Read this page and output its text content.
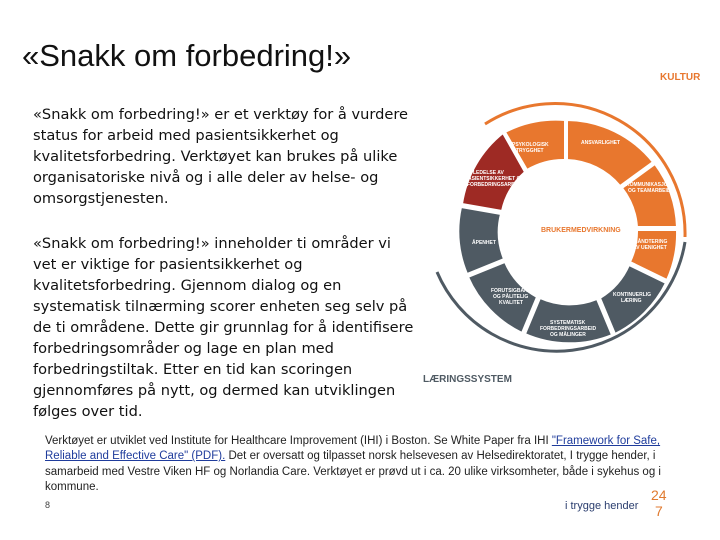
«Snakk om forbedring!»
«Snakk om forbedring!» er et verktøy for å vurdere status for arbeid med pasientsikkerhet og kvalitetsforbedring. Verktøyet kan brukes på ulike organisatoriske nivå og i alle deler av helse- og omsorgstjenesten.
«Snakk om forbedring!» inneholder ti områder vi vet er viktige for pasientsikkerhet og kvalitetsforbedring. Gjennom dialog og en systematisk tilnærming scorer enheten seg selv på de ti områdene. Dette gir grunnlag for å identifisere forbedringsområder og lage en plan med forbedringstiltak. Etter en tid kan scoringen gjennomføres på nytt, og dermed kan utviklingen følges over tid.
KULTUR
LÆRINGSSYSTEM
BRUKERMEDVIRKNING
PSYKOLOGISK
TRYGGHET
ANSVARLIGHET
KOMMUNIKASJON
OG TEAMARBEID
HÅNDTERING
AV UENIGHET
KONTINUERLIG
LÆRING
SYSTEMATISK
FORBEDRINGSARBEID
OG MÅLINGER
FORUTSIGBAR
OG PÅLITELIG
KVALITET
ÅPENHET
LEDELSE AV
PASIENTSIKKERHET OG
FORBEDRINGSARBEID
Verktøyet er utviklet ved Institute for Healthcare Improvement (IHI) i Boston. Se White Paper fra IHI "Framework for Safe, Reliable and Effective Care" (PDF). Det er oversatt og tilpasset norsk helsevesen av Helsedirektoratet, I trygge hender, i samarbeid med Vestre Viken HF og Norlandia Care. Verktøyet er prøvd ut i ca. 20 ulike virksomheter, både i sykehus og i kommune.
8	i trygge hender
24
7
